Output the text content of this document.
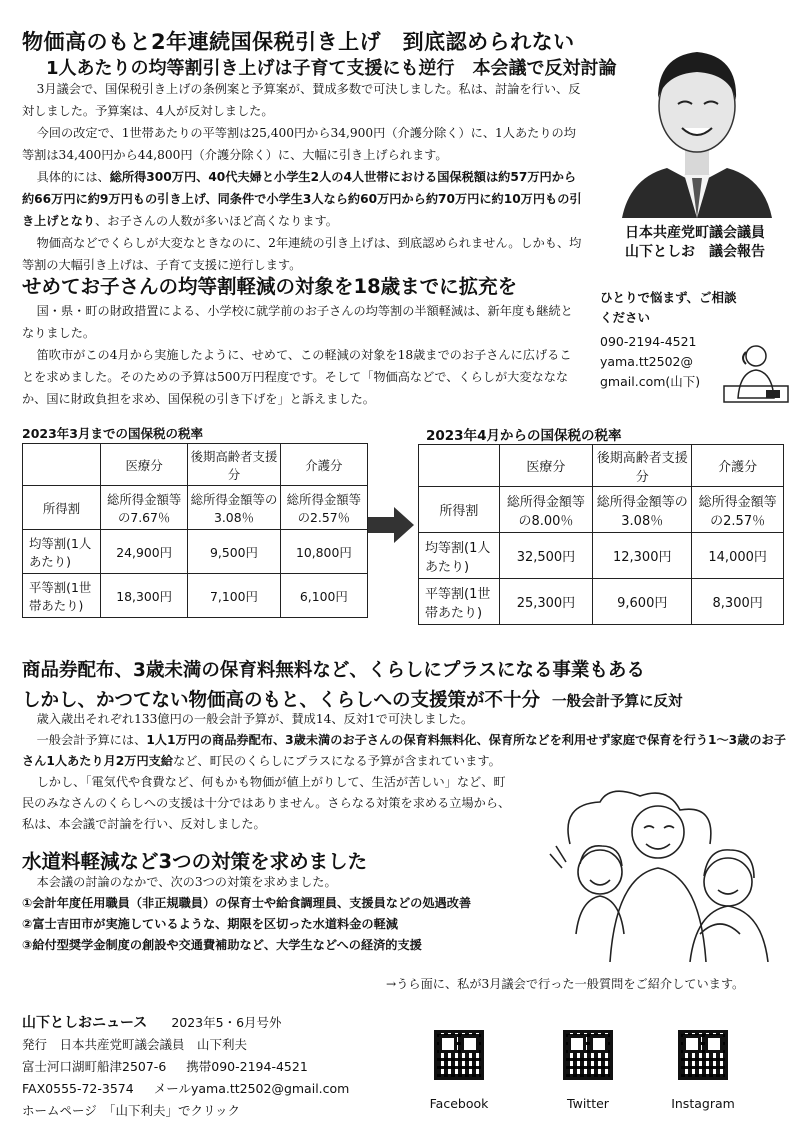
物価高のもと2年連続国保税引き上げ　到底認められない
1人あたりの均等割引き上げは子育て支援にも逆行　本会議で反対討論

3月議会で、国保税引き上げの条例案と予算案が、賛成多数で可決しました。私は、討論を行い、反対しました。予算案は、4人が反対しました。

今回の改定で、1世帯あたりの平等割は25,400円から34,900円（介護分除く）に、1人あたりの均等割は34,400円から44,800円（介護分除く）に、大幅に引き上げられます。

具体的には、総所得300万円、40代夫婦と小学生2人の4人世帯における国保税額は約57万円から約66万円に約9万円もの引き上げ、同条件で小学生3人なら約60万円から約70万円に約10万円もの引き上げとなり、お子さんの人数が多いほど高くなります。

物価高などでくらしが大変なときなのに、2年連続の引き上げは、到底認められません。しかも、均等割の大幅引き上げは、子育て支援に逆行します。

日本共産党町議会議員
山下としお　議会報告
せめてお子さんの均等割軽減の対象を18歳までに拡充を

国・県・町の財政措置による、小学校に就学前のお子さんの均等割の半額軽減は、新年度も継続となりました。

笛吹市がこの4月から実施したように、せめて、この軽減の対象を18歳までのお子さんに広げることを求めました。そのための予算は500万円程度です。そして「物価高などで、くらしが大変なななか、国に財政負担を求め、国保税の引き下げを」と訴えました。

ひとりで悩まず、ご相談
ください
090-2194-4521
yama.tt2502@
gmail.com(山下)
2023年3月までの国保税の税率
	医療分	後期高齢者支援分	介護分
所得割	総所得金額等の7.67％	総所得金額等の3.08％	総所得金額等の2.57％
均等割(1人あたり)	24,900円	9,500円	10,800円
平等割(1世帯あたり)	18,300円	7,100円	6,100円
2023年4月からの国保税の税率
	医療分	後期高齢者支援分	介護分
所得割	総所得金額等の8.00％	総所得金額等の3.08％	総所得金額等の2.57％
均等割(1人あたり)	32,500円	12,300円	14,000円
平等割(1世帯あたり)	25,300円	9,600円	8,300円
商品券配布、3歳未満の保育料無料など、くらしにプラスになる事業もある
しかし、かつてない物価高のもと、くらしへの支援策が不十分 一般会計予算に反対

歳入歳出それぞれ133億円の一般会計予算が、賛成14、反対1で可決しました。

一般会計予算には、1人1万円の商品券配布、3歳未満のお子さんの保育料無料化、保育所などを利用せず家庭で保育を行う1～3歳のお子さん1人あたり月2万円支給など、町民のくらしにプラスになる予算が含まれています。

しかし、「電気代や食費など、何もかも物価が値上がりして、生活が苦しい」など、町民のみなさんのくらしへの支援は十分ではありません。さらなる対策を求める立場から、私は、本会議で討論を行い、反対しました。

水道料軽減など3つの対策を求めました

本会議の討論のなかで、次の3つの対策を求めました。

①会計年度任用職員（非正規職員）の保育士や給食調理員、支援員などの処遇改善

②富士吉田市が実施しているような、期限を区切った水道料金の軽減

③給付型奨学金制度の創設や交通費補助など、大学生などへの経済的支援

→うら面に、私が3月議会で行った一般質問をご紹介しています。
山下としおニュース 2023年5・6月号外
発行　日本共産党町議会議員　山下利夫
富士河口湖町船津2507-6 携帯090-2194-4521
FAX0555-72-3574 メールyama.tt2502@gmail.com
ホームページ　「山下利夫」でクリック	Facebook	Twitter	Instagram
